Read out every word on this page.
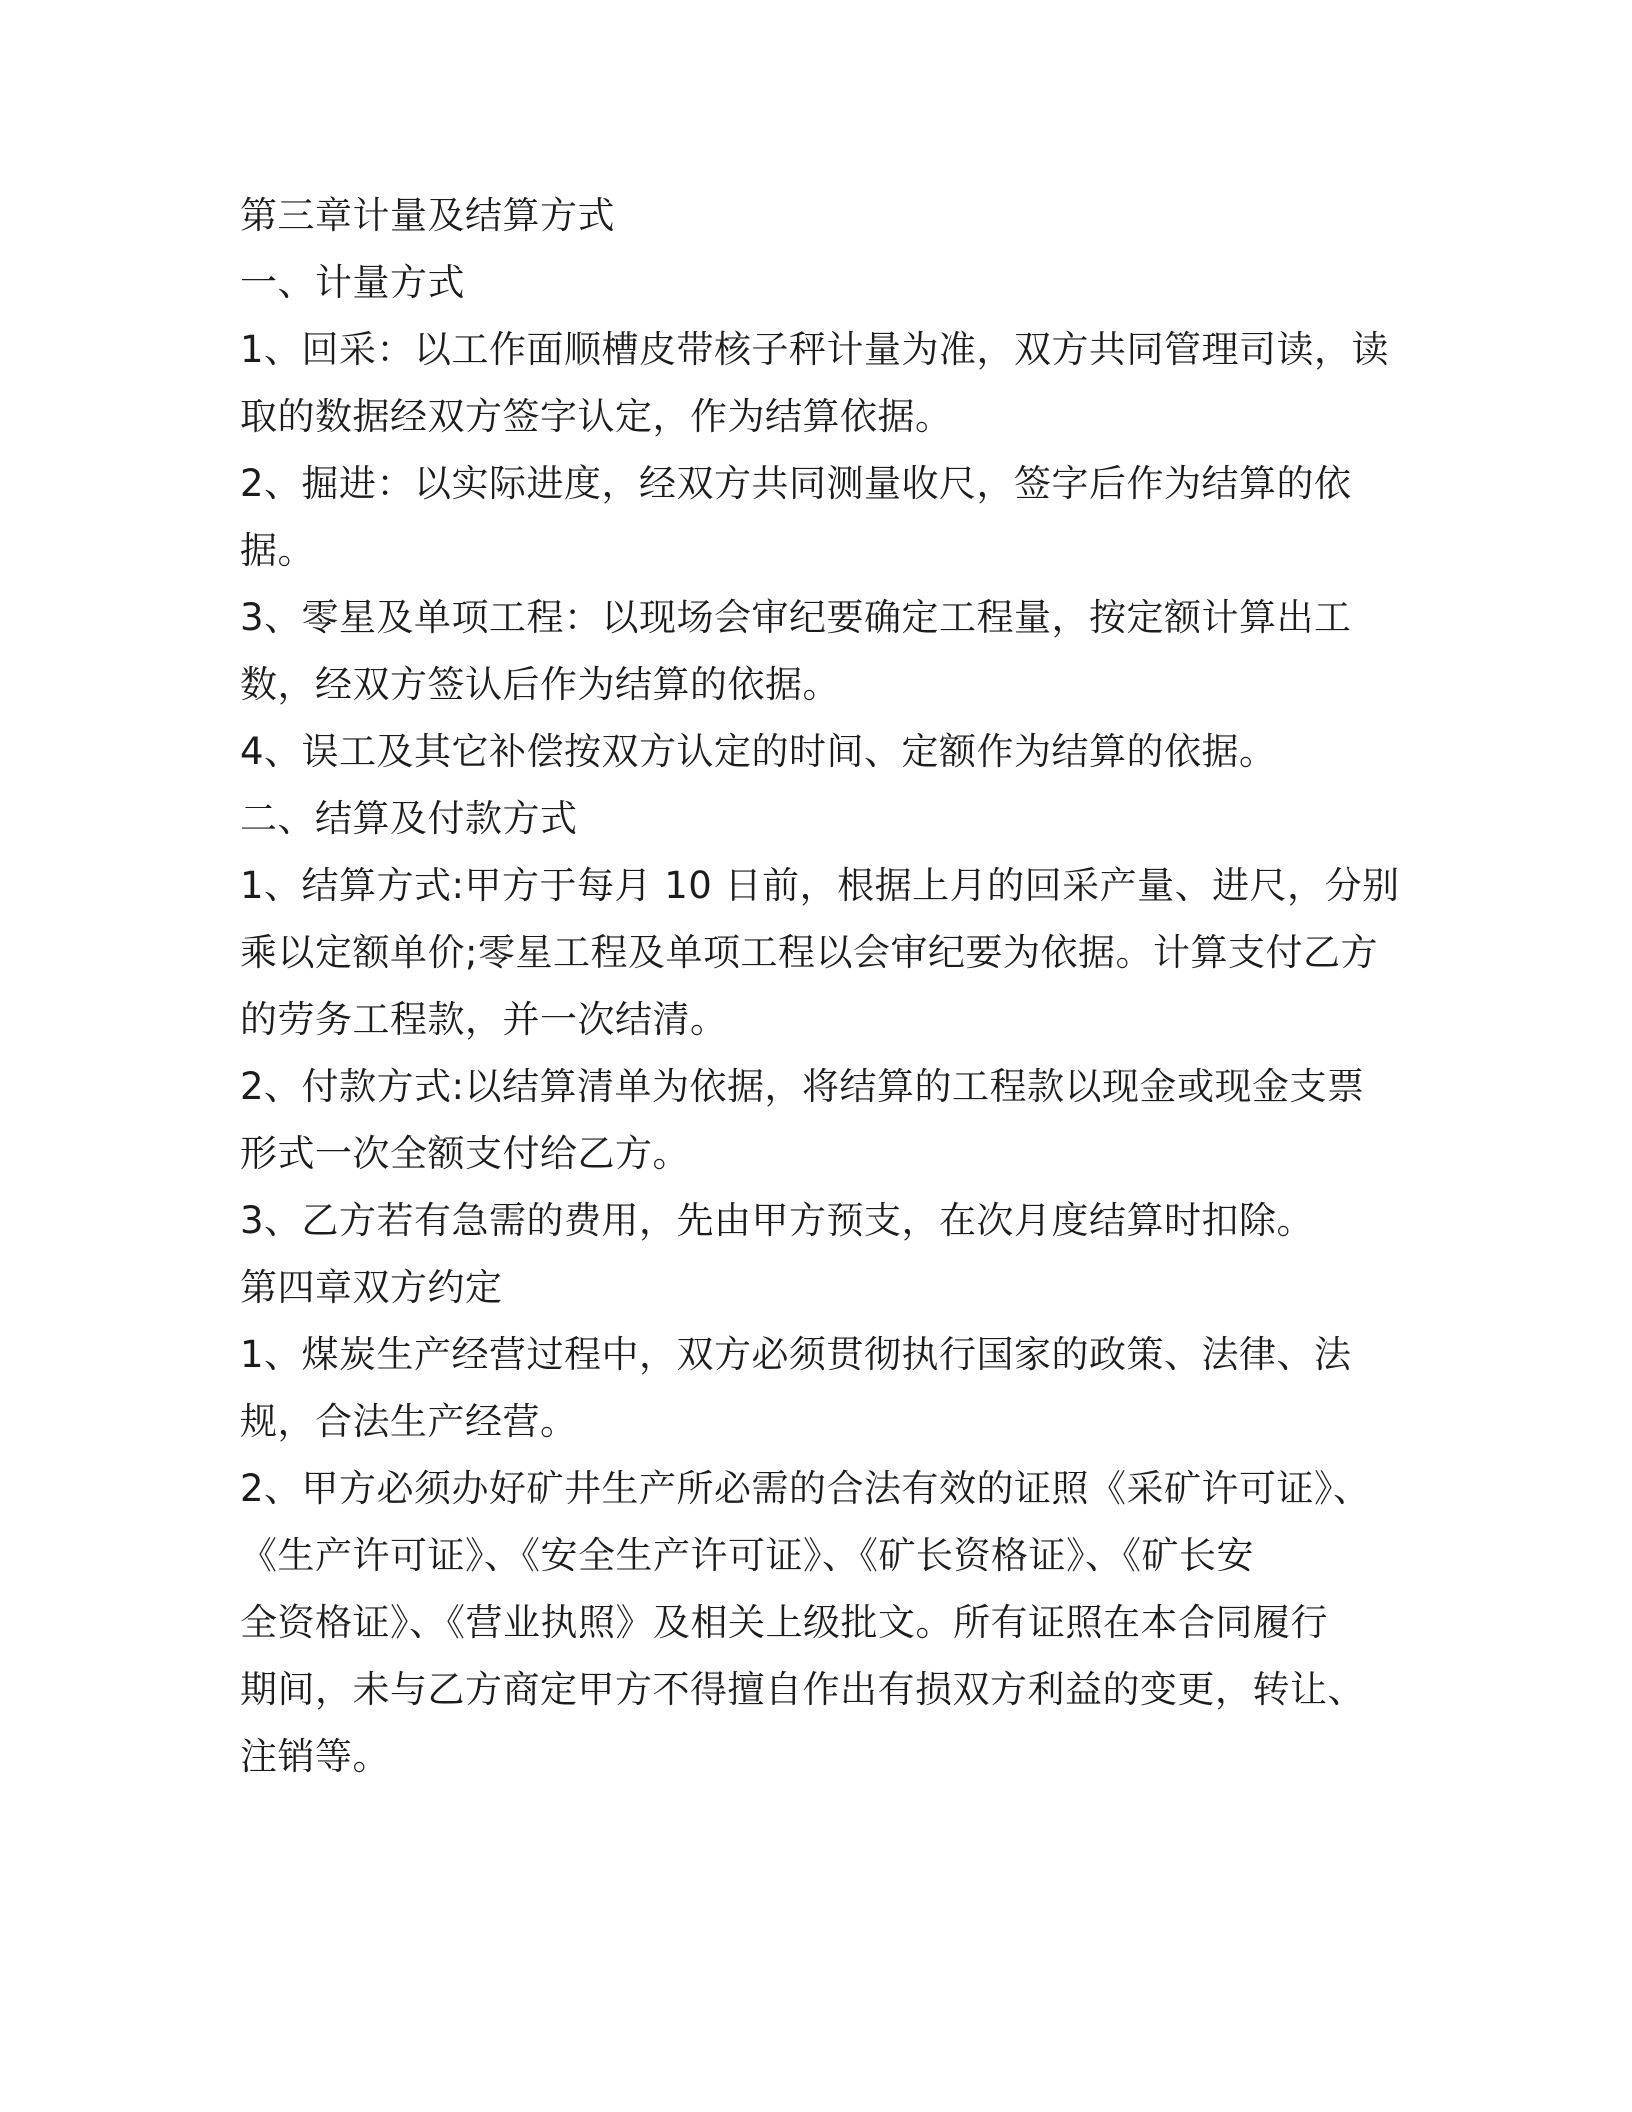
第三章计量及结算方式

一、计量方式

1、回采：以工作面顺槽皮带核子秤计量为准，双方共同管理司读，读

取的数据经双方签字认定，作为结算依据。

2、掘进：以实际进度，经双方共同测量收尺，签字后作为结算的依

据。

3、零星及单项工程：以现场会审纪要确定工程量，按定额计算出工

数，经双方签认后作为结算的依据。

4、误工及其它补偿按双方认定的时间、定额作为结算的依据。

二、结算及付款方式

1、结算方式:甲方于每月 10 日前，根据上月的回采产量、进尺，分别

乘以定额单价;零星工程及单项工程以会审纪要为依据。计算支付乙方

的劳务工程款，并一次结清。

2、付款方式:以结算清单为依据，将结算的工程款以现金或现金支票

形式一次全额支付给乙方。

3、乙方若有急需的费用，先由甲方预支，在次月度结算时扣除。

第四章双方约定

1、煤炭生产经营过程中，双方必须贯彻执行国家的政策、法律、法

规，合法生产经营。

2、甲方必须办好矿井生产所必需的合法有效的证照《采矿许可证》、

《生产许可证》、《安全生产许可证》、《矿长资格证》、《矿长安

全资格证》、《营业执照》及相关上级批文。所有证照在本合同履行

期间，未与乙方商定甲方不得擅自作出有损双方利益的变更，转让、

注销等。
